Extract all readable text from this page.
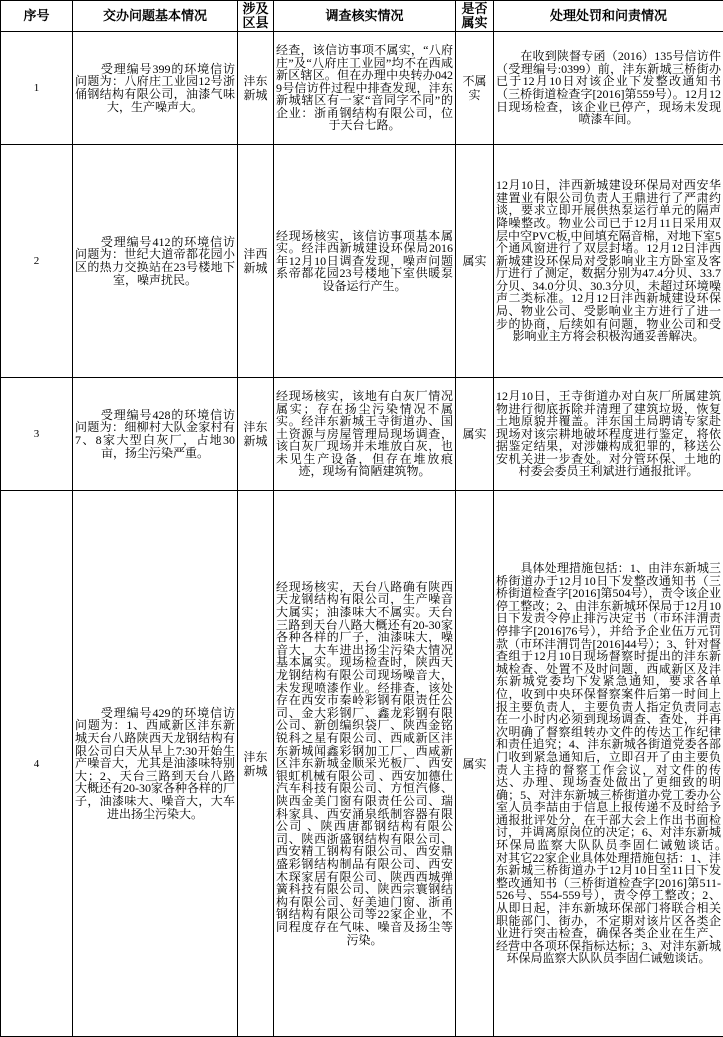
序号	交办问题基本情况	涉及区县	调查核实情况	是否属实	处理处罚和问责情况
1	　　受理编号399的环境信访问题为：八府庄工业园12号浙俑钢结构有限公司，油漆气味大，生产噪声大。	沣东新城	经查，该信访事项不属实，“八府庄”及“八府庄工业园”均不在西咸新区辖区。但在办理中央转办0429号信访件过程中排查发现，沣东新城辖区有一家“音同字不同”的企业：浙甬钢结构有限公司，位于天台七路。	不属实	　　在收到陕督专函（2016）135号信访件（受理编号:0399）前，沣东新城三桥街办已于12月10日对该企业下发整改通知书（三桥街道检查字[2016]第559号）。12月12日现场检查，该企业已停产，现场未发现喷漆车间。
2	　　受理编号412的环境信访问题为：世纪大道帝都花园小区的热力交换站在23号楼地下室，噪声扰民。	沣西新城	经现场核实，该信访事项基本属实。经沣西新城建设环保局2016年12月10日调查发现，噪声问题系帝都花园23号楼地下室供暖泵设备运行产生。	属实	12月10日，沣西新城建设环保局对西安华建置业有限公司负责人王鼎进行了严肃约谈，要求立即开展供热泵运行单元的隔声降噪整改。物业公司已于12月11日采用双层中空PVC板,中间填充隔音棉，对地下室5个通风窗进行了双层封堵。12月12日沣西新城建设环保局对受影响业主方卧室及客厅进行了测定，数据分别为47.4分贝、33.7分贝、34.0分贝、30.3分贝，未超过环境噪声二类标准。12月12日沣西新城建设环保局、物业公司、受影响业主方进行了进一步的协商，后续如有问题，物业公司和受影响业主方将会积极沟通妥善解决。
3	　　受理编号428的环境信访问题为：细柳村大队金家村有7、8家大型白灰厂，占地30亩，扬尘污染严重。	沣东新城	经现场核实，该地有白灰厂情况属实；存在扬尘污染情况不属实。经沣东新城王寺街道办、国土资源与房屋管理局现场调查，该白灰厂现场并未堆放白灰，也未见生产设备，但存在堆放痕迹，现场有简陋建筑物。	属实	12月10日，王寺街道办对白灰厂所属建筑物进行彻底拆除并清理了建筑垃圾，恢复土地原貌并覆盖。沣东国土局聘请专家赴现场对该宗耕地破坏程度进行鉴定，将依据鉴定结果，对涉嫌构成犯罪的，移送公安机关进一步查处。对分管环保、土地的村委会委员王利斌进行通报批评。
4	　　受理编号429的环境信访问题为：1、西咸新区沣东新城天台八路陕西天龙钢结构有限公司白天从早上7:30开始生产噪音大，尤其是油漆味特别大；2、天台三路到天台八路大概还有20-30家各种各样的厂子，油漆味大、噪音大，大车进出扬尘污染大。	沣东新城	经现场核实，天台八路确有陕西天龙钢结构有限公司，生产噪音大属实；油漆味大不属实。天台三路到天台八路大概还有20-30家各种各样的厂子，油漆味大，噪音大，大车进出扬尘污染大情况基本属实。现场检查时，陕西天龙钢结构有限公司现场噪音大，未发现喷漆作业。经排查，该处存在西安市秦岭彩钢有限责任公司、金大彩钢厂、鑫龙彩钢有限公司、新创编织袋厂、陕西金铭锐科之星有限公司、西咸新区沣东新城闻鑫彩钢加工厂、西咸新区沣东新城金顺采光板厂、西安银虹机械有限公司 、西安加德仕汽车科技有限公司、方恒汽修、陕西金美门窗有限责任公司、瑞科家具、西安涌泉纸制容器有限公司 、陕西唐都钢结构有限公司、陕西浙盛钢结构有限公司、西安精工钢构有限公司、西安鼎盛彩钢结构制品有限公司、西安木琛家居有限公司、陕西西城弹簧科技有限公司、陕西宗寰钢结构有限公司、好美迪门窗、浙甬钢结构有限公司等22家企业，不同程度存在气味、噪音及扬尘等污染。	属实	　　具体处理措施包括：1、由沣东新城三桥街道办于12月10日下发整改通知书（三桥街道检查字[2016]第504号），责令该企业停工整改；2、由沣东新城环保局于12月10日下发责令停止排污决定书（市环沣渭责停排字[2016]76号），并给予企业伍万元罚款（市环沣渭罚告[2016]44号）；3、针对督查组于12月10日现场督察时提出的沣东新城检查、处置不及时问题，西咸新区及沣东新城党委均下发紧急通知，要求各单位，收到中央环保督察案件后第一时间上报主要负责人，主要负责人指定负责同志在一小时内必须到现场调查、查处，并再次明确了督察组转办文件的传达工作纪律和责任追究；4、沣东新城各街道党委各部门收到紧急通知后，立即召开了由主要负责人主持的督察工作会议，对文件的传达、办理、现场查处做出了更细致的明确；5、对沣东新城三桥街道办党工委办公室人员李喆由于信息上报传递不及时给予通报批评处分，在干部大会上作出书面检讨，并调离原岗位的决定；6、对沣东新城环保局监察大队队员李固仁诫勉谈话。　　　　对其它22家企业具体处理措施包括：1、沣东新城三桥街道办于12月10日至11日下发整改通知书（三桥街道检查字[2016]第511-526号、554-559号），责令停工整改；2、从即日起，沣东新城环保部门将联合相关职能部门、街办，不定期对该片区各类企业进行突击检查，确保各类企业在生产、经营中各项环保指标达标；3、对沣东新城环保局监察大队队员李固仁诫勉谈话。
